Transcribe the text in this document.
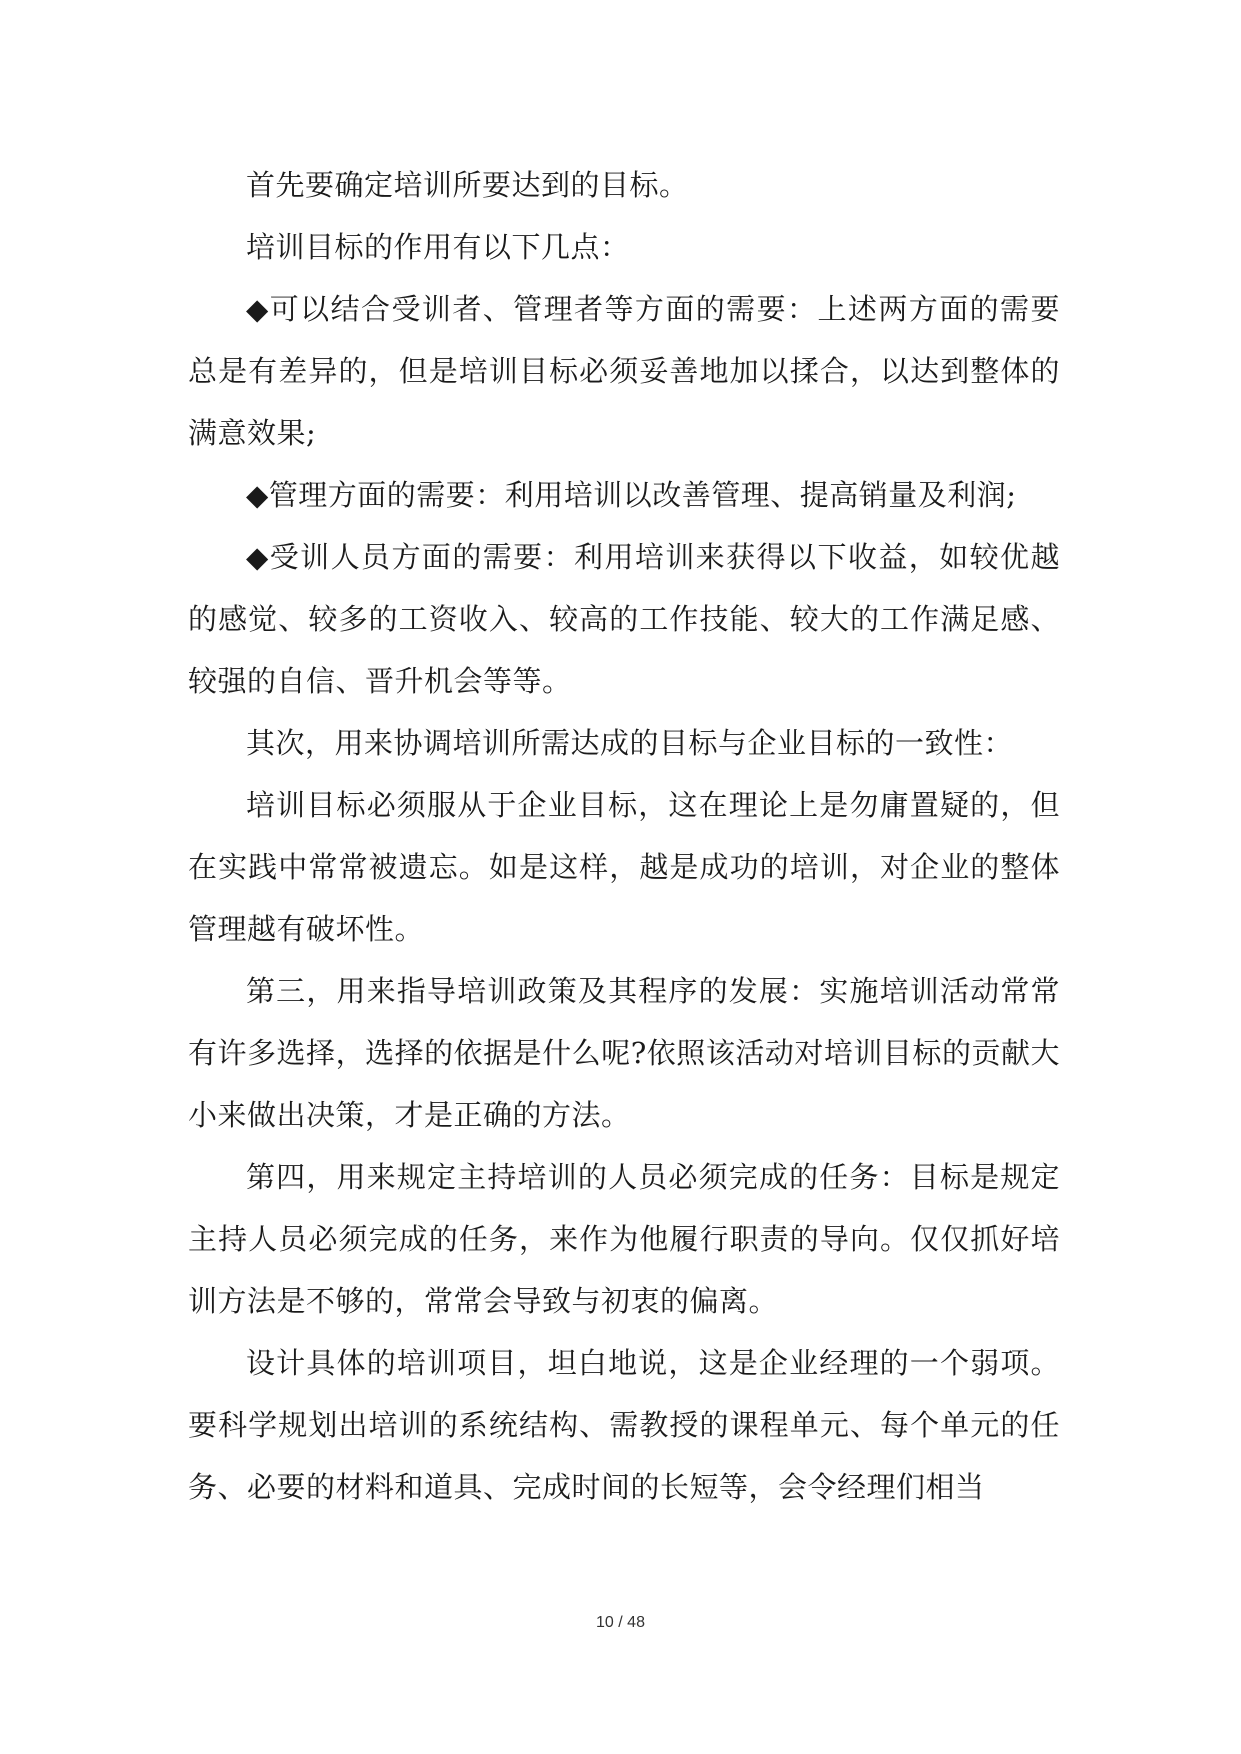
首先要确定培训所要达到的目标。

培训目标的作用有以下几点：

◆可以结合受训者、管理者等方面的需要：上述两方面的需要总是有差异的，但是培训目标必须妥善地加以揉合，以达到整体的满意效果;

◆管理方面的需要：利用培训以改善管理、提高销量及利润;

◆受训人员方面的需要：利用培训来获得以下收益，如较优越的感觉、较多的工资收入、较高的工作技能、较大的工作满足感、较强的自信、晋升机会等等。

其次，用来协调培训所需达成的目标与企业目标的一致性：

培训目标必须服从于企业目标，这在理论上是勿庸置疑的，但在实践中常常被遗忘。如是这样，越是成功的培训，对企业的整体管理越有破坏性。

第三，用来指导培训政策及其程序的发展：实施培训活动常常有许多选择，选择的依据是什么呢?依照该活动对培训目标的贡献大小来做出决策，才是正确的方法。

第四，用来规定主持培训的人员必须完成的任务：目标是规定主持人员必须完成的任务，来作为他履行职责的导向。仅仅抓好培训方法是不够的，常常会导致与初衷的偏离。

设计具体的培训项目，坦白地说，这是企业经理的一个弱项。要科学规划出培训的系统结构、需教授的课程单元、每个单元的任务、必要的材料和道具、完成时间的长短等，会令经理们相当

10 / 48
